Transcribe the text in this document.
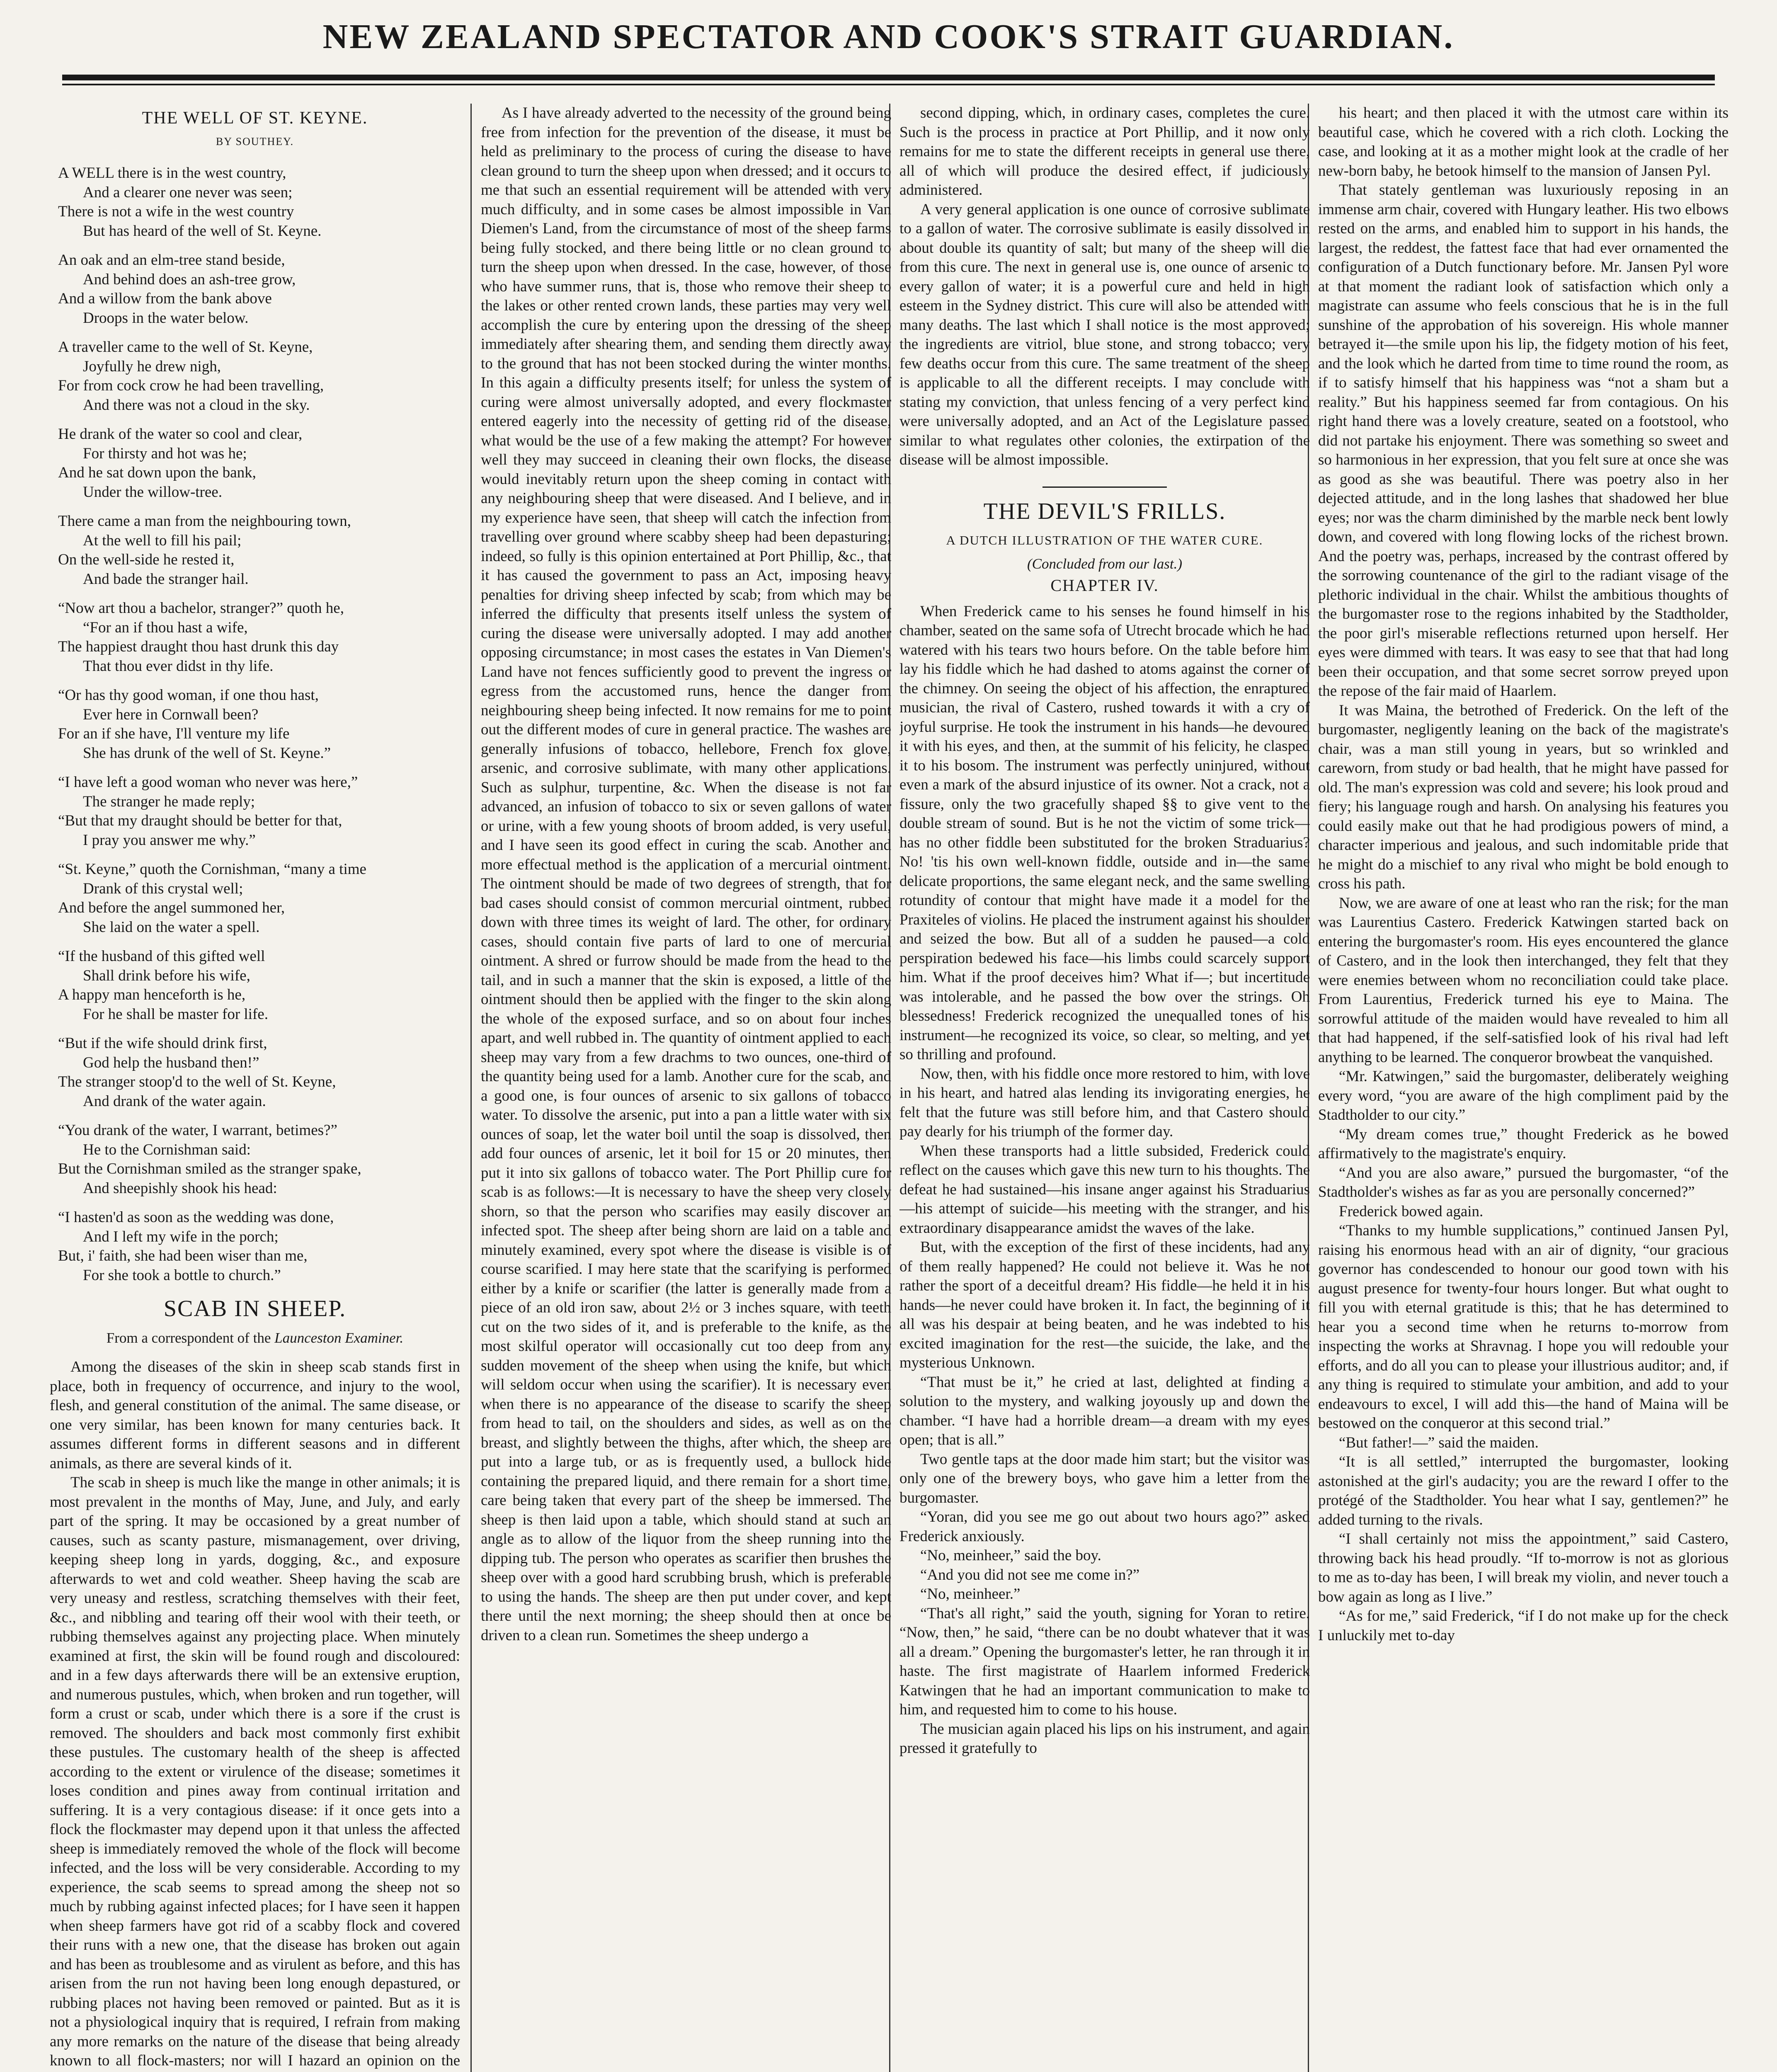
NEW ZEALAND SPECTATOR AND COOK'S STRAIT GUARDIAN.

THE WELL OF ST. KEYNE.

BY SOUTHEY.

A WELL there is in the west country,
And a clearer one never was seen;
There is not a wife in the west country
But has heard of the well of St. Keyne.
An oak and an elm-tree stand beside,
And behind does an ash-tree grow,
And a willow from the bank above
Droops in the water below.
A traveller came to the well of St. Keyne,
Joyfully he drew nigh,
For from cock crow he had been travelling,
And there was not a cloud in the sky.
He drank of the water so cool and clear,
For thirsty and hot was he;
And he sat down upon the bank,
Under the willow-tree.
There came a man from the neighbouring town,
At the well to fill his pail;
On the well-side he rested it,
And bade the stranger hail.
“Now art thou a bachelor, stranger?” quoth he,
“For an if thou hast a wife,
The happiest draught thou hast drunk this day
That thou ever didst in thy life.
“Or has thy good woman, if one thou hast,
Ever here in Cornwall been?
For an if she have, I'll venture my life
She has drunk of the well of St. Keyne.”
“I have left a good woman who never was here,”
The stranger he made reply;
“But that my draught should be better for that,
I pray you answer me why.”
“St. Keyne,” quoth the Cornishman, “many a time
Drank of this crystal well;
And before the angel summoned her,
She laid on the water a spell.
“If the husband of this gifted well
Shall drink before his wife,
A happy man henceforth is he,
For he shall be master for life.
“But if the wife should drink first,
God help the husband then!”
The stranger stoop'd to the well of St. Keyne,
And drank of the water again.
“You drank of the water, I warrant, betimes?”
He to the Cornishman said:
But the Cornishman smiled as the stranger spake,
And sheepishly shook his head:
“I hasten'd as soon as the wedding was done,
And I left my wife in the porch;
But, i' faith, she had been wiser than me,
For she took a bottle to church.”

SCAB IN SHEEP.

From a correspondent of the Launceston Examiner.

Among the diseases of the skin in sheep scab stands first in place, both in frequency of occurrence, and injury to the wool, flesh, and general constitution of the animal. The same disease, or one very similar, has been known for many centuries back. It assumes different forms in different seasons and in different animals, as there are several kinds of it.

The scab in sheep is much like the mange in other animals; it is most prevalent in the months of May, June, and July, and early part of the spring. It may be occasioned by a great number of causes, such as scanty pasture, mismanagement, over driving, keeping sheep long in yards, dogging, &c., and exposure afterwards to wet and cold weather. Sheep having the scab are very uneasy and restless, scratching themselves with their feet, &c., and nibbling and tearing off their wool with their teeth, or rubbing themselves against any projecting place. When minutely examined at first, the skin will be found rough and discoloured: and in a few days afterwards there will be an extensive eruption, and numerous pustules, which, when broken and run together, will form a crust or scab, under which there is a sore if the crust is removed. The shoulders and back most commonly first exhibit these pustules. The customary health of the sheep is affected according to the extent or virulence of the disease; sometimes it loses condition and pines away from continual irritation and suffering. It is a very contagious disease: if it once gets into a flock the flockmaster may depend upon it that unless the affected sheep is immediately removed the whole of the flock will become infected, and the loss will be very considerable. According to my experience, the scab seems to spread among the sheep not so much by rubbing against infected places; for I have seen it happen when sheep farmers have got rid of a scabby flock and covered their runs with a new one, that the disease has broken out again and has been as troublesome and as virulent as before, and this has arisen from the run not having been long enough depastured, or rubbing places not having been removed or painted. But as it is not a physiological inquiry that is required, I refrain from making any more remarks on the nature of the disease that being already known to all flock-masters; nor will I hazard an opinion on the

As I have already adverted to the necessity of the ground being free from infection for the prevention of the disease, it must be held as preliminary to the process of curing the disease to have clean ground to turn the sheep upon when dressed; and it occurs to me that such an essential requirement will be attended with very much difficulty, and in some cases be almost impossible in Van Diemen's Land, from the circumstance of most of the sheep farms being fully stocked, and there being little or no clean ground to turn the sheep upon when dressed. In the case, however, of those who have summer runs, that is, those who remove their sheep to the lakes or other rented crown lands, these parties may very well accomplish the cure by entering upon the dressing of the sheep immediately after shearing them, and sending them directly away to the ground that has not been stocked during the winter months. In this again a difficulty presents itself; for unless the system of curing were almost universally adopted, and every flockmaster entered eagerly into the necessity of getting rid of the disease, what would be the use of a few making the attempt? For however well they may succeed in cleaning their own flocks, the disease would inevitably return upon the sheep coming in contact with any neighbouring sheep that were diseased. And I believe, and in my experience have seen, that sheep will catch the infection from travelling over ground where scabby sheep had been depasturing; indeed, so fully is this opinion entertained at Port Phillip, &c., that it has caused the government to pass an Act, imposing heavy penalties for driving sheep infected by scab; from which may be inferred the difficulty that presents itself unless the system of curing the disease were universally adopted. I may add another opposing circumstance; in most cases the estates in Van Diemen's Land have not fences sufficiently good to prevent the ingress or egress from the accustomed runs, hence the danger from neighbouring sheep being infected. It now remains for me to point out the different modes of cure in general practice. The washes are generally infusions of tobacco, hellebore, French fox glove, arsenic, and corrosive sublimate, with many other applications. Such as sulphur, turpentine, &c. When the disease is not far advanced, an infusion of tobacco to six or seven gallons of water or urine, with a few young shoots of broom added, is very useful, and I have seen its good effect in curing the scab. Another and more effectual method is the application of a mercurial ointment. The ointment should be made of two degrees of strength, that for bad cases should consist of common mercurial ointment, rubbed down with three times its weight of lard. The other, for ordinary cases, should contain five parts of lard to one of mercurial ointment. A shred or furrow should be made from the head to the tail, and in such a manner that the skin is exposed, a little of the ointment should then be applied with the finger to the skin along the whole of the exposed surface, and so on about four inches apart, and well rubbed in. The quantity of ointment applied to each sheep may vary from a few drachms to two ounces, one-third of the quantity being used for a lamb. Another cure for the scab, and a good one, is four ounces of arsenic to six gallons of tobacco water. To dissolve the arsenic, put into a pan a little water with six ounces of soap, let the water boil until the soap is dissolved, then add four ounces of arsenic, let it boil for 15 or 20 minutes, then put it into six gallons of tobacco water. The Port Phillip cure for scab is as follows:—It is necessary to have the sheep very closely shorn, so that the person who scarifies may easily discover an infected spot. The sheep after being shorn are laid on a table and minutely examined, every spot where the disease is visible is of course scarified. I may here state that the scarifying is performed either by a knife or scarifier (the latter is generally made from a piece of an old iron saw, about 2½ or 3 inches square, with teeth cut on the two sides of it, and is preferable to the knife, as the most skilful operator will occasionally cut too deep from any sudden movement of the sheep when using the knife, but which will seldom occur when using the scarifier). It is necessary even when there is no appearance of the disease to scarify the sheep from head to tail, on the shoulders and sides, as well as on the breast, and slightly between the thighs, after which, the sheep are put into a large tub, or as is frequently used, a bullock hide containing the prepared liquid, and there remain for a short time, care being taken that every part of the sheep be immersed. The sheep is then laid upon a table, which should stand at such an angle as to allow of the liquor from the sheep running into the dipping tub. The person who operates as scarifier then brushes the sheep over with a good hard scrubbing brush, which is preferable to using the hands. The sheep are then put under cover, and kept there until the next morning; the sheep should then at once be driven to a clean run. Sometimes the sheep undergo a

second dipping, which, in ordinary cases, completes the cure. Such is the process in practice at Port Phillip, and it now only remains for me to state the different receipts in general use there, all of which will produce the desired effect, if judiciously administered.

A very general application is one ounce of corrosive sublimate to a gallon of water. The corrosive sublimate is easily dissolved in about double its quantity of salt; but many of the sheep will die from this cure. The next in general use is, one ounce of arsenic to every gallon of water; it is a powerful cure and held in high esteem in the Sydney district. This cure will also be attended with many deaths. The last which I shall notice is the most approved; the ingredients are vitriol, blue stone, and strong tobacco; very few deaths occur from this cure. The same treatment of the sheep is applicable to all the different receipts. I may conclude with stating my conviction, that unless fencing of a very perfect kind were universally adopted, and an Act of the Legislature passed similar to what regulates other colonies, the extirpation of the disease will be almost impossible.

THE DEVIL'S FRILLS.

A DUTCH ILLUSTRATION OF THE WATER CURE.

(Concluded from our last.)

CHAPTER IV.

When Frederick came to his senses he found himself in his chamber, seated on the same sofa of Utrecht brocade which he had watered with his tears two hours before. On the table before him lay his fiddle which he had dashed to atoms against the corner of the chimney. On seeing the object of his affection, the enraptured musician, the rival of Castero, rushed towards it with a cry of joyful surprise. He took the instrument in his hands—he devoured it with his eyes, and then, at the summit of his felicity, he clasped it to his bosom. The instrument was perfectly uninjured, without even a mark of the absurd injustice of its owner. Not a crack, not a fissure, only the two gracefully shaped §§ to give vent to the double stream of sound. But is he not the victim of some trick—has no other fiddle been substituted for the broken Straduarius? No! 'tis his own well-known fiddle, outside and in—the same delicate proportions, the same elegant neck, and the same swelling rotundity of contour that might have made it a model for the Praxiteles of violins. He placed the instrument against his shoulder and seized the bow. But all of a sudden he paused—a cold perspiration bedewed his face—his limbs could scarcely support him. What if the proof deceives him? What if—; but incertitude was intolerable, and he passed the bow over the strings. Oh blessedness! Frederick recognized the unequalled tones of his instrument—he recognized its voice, so clear, so melting, and yet so thrilling and profound.

Now, then, with his fiddle once more restored to him, with love in his heart, and hatred alas lending its invigorating energies, he felt that the future was still before him, and that Castero should pay dearly for his triumph of the former day.

When these transports had a little subsided, Frederick could reflect on the causes which gave this new turn to his thoughts. The defeat he had sustained—his insane anger against his Straduarius—his attempt of suicide—his meeting with the stranger, and his extraordinary disappearance amidst the waves of the lake.

But, with the exception of the first of these incidents, had any of them really happened? He could not believe it. Was he not rather the sport of a deceitful dream? His fiddle—he held it in his hands—he never could have broken it. In fact, the beginning of it all was his despair at being beaten, and he was indebted to his excited imagination for the rest—the suicide, the lake, and the mysterious Unknown.

“That must be it,” he cried at last, delighted at finding a solution to the mystery, and walking joyously up and down the chamber. “I have had a horrible dream—a dream with my eyes open; that is all.”

Two gentle taps at the door made him start; but the visitor was only one of the brewery boys, who gave him a letter from the burgomaster.

“Yoran, did you see me go out about two hours ago?” asked Frederick anxiously.

“No, meinheer,” said the boy.

“And you did not see me come in?”

“No, meinheer.”

“That's all right,” said the youth, signing for Yoran to retire. “Now, then,” he said, “there can be no doubt whatever that it was all a dream.” Opening the burgomaster's letter, he ran through it in haste. The first magistrate of Haarlem informed Frederick Katwingen that he had an important communication to make to him, and requested him to come to his house.

The musician again placed his lips on his instrument, and again pressed it gratefully to

his heart; and then placed it with the utmost care within its beautiful case, which he covered with a rich cloth. Locking the case, and looking at it as a mother might look at the cradle of her new-born baby, he betook himself to the mansion of Jansen Pyl.

That stately gentleman was luxuriously reposing in an immense arm chair, covered with Hungary leather. His two elbows rested on the arms, and enabled him to support in his hands, the largest, the reddest, the fattest face that had ever ornamented the configuration of a Dutch functionary before. Mr. Jansen Pyl wore at that moment the radiant look of satisfaction which only a magistrate can assume who feels conscious that he is in the full sunshine of the approbation of his sovereign. His whole manner betrayed it—the smile upon his lip, the fidgety motion of his feet, and the look which he darted from time to time round the room, as if to satisfy himself that his happiness was “not a sham but a reality.” But his happiness seemed far from contagious. On his right hand there was a lovely creature, seated on a footstool, who did not partake his enjoyment. There was something so sweet and so harmonious in her expression, that you felt sure at once she was as good as she was beautiful. There was poetry also in her dejected attitude, and in the long lashes that shadowed her blue eyes; nor was the charm diminished by the marble neck bent lowly down, and covered with long flowing locks of the richest brown. And the poetry was, perhaps, increased by the contrast offered by the sorrowing countenance of the girl to the radiant visage of the plethoric individual in the chair. Whilst the ambitious thoughts of the burgomaster rose to the regions inhabited by the Stadtholder, the poor girl's miserable reflections returned upon herself. Her eyes were dimmed with tears. It was easy to see that that had long been their occupation, and that some secret sorrow preyed upon the repose of the fair maid of Haarlem.

It was Maina, the betrothed of Frederick. On the left of the burgomaster, negligently leaning on the back of the magistrate's chair, was a man still young in years, but so wrinkled and careworn, from study or bad health, that he might have passed for old. The man's expression was cold and severe; his look proud and fiery; his language rough and harsh. On analysing his features you could easily make out that he had prodigious powers of mind, a character imperious and jealous, and such indomitable pride that he might do a mischief to any rival who might be bold enough to cross his path.

Now, we are aware of one at least who ran the risk; for the man was Laurentius Castero. Frederick Katwingen started back on entering the burgomaster's room. His eyes encountered the glance of Castero, and in the look then interchanged, they felt that they were enemies between whom no reconciliation could take place. From Laurentius, Frederick turned his eye to Maina. The sorrowful attitude of the maiden would have revealed to him all that had happened, if the self-satisfied look of his rival had left anything to be learned. The conqueror browbeat the vanquished.

“Mr. Katwingen,” said the burgomaster, deliberately weighing every word, “you are aware of the high compliment paid by the Stadtholder to our city.”

“My dream comes true,” thought Frederick as he bowed affirmatively to the magistrate's enquiry.

“And you are also aware,” pursued the burgomaster, “of the Stadtholder's wishes as far as you are personally concerned?”

Frederick bowed again.

“Thanks to my humble supplications,” continued Jansen Pyl, raising his enormous head with an air of dignity, “our gracious governor has condescended to honour our good town with his august presence for twenty-four hours longer. But what ought to fill you with eternal gratitude is this; that he has determined to hear you a second time when he returns to-morrow from inspecting the works at Shravnag. I hope you will redouble your efforts, and do all you can to please your illustrious auditor; and, if any thing is required to stimulate your ambition, and add to your endeavours to excel, I will add this—the hand of Maina will be bestowed on the conqueror at this second trial.”

“But father!—” said the maiden.

“It is all settled,” interrupted the burgomaster, looking astonished at the girl's audacity; you are the reward I offer to the protégé of the Stadtholder. You hear what I say, gentlemen?” he added turning to the rivals.

“I shall certainly not miss the appointment,” said Castero, throwing back his head proudly. “If to-morrow is not as glorious to me as to-day has been, I will break my violin, and never touch a bow again as long as I live.”

“As for me,” said Frederick, “if I do not make up for the check I unluckily met to-day
